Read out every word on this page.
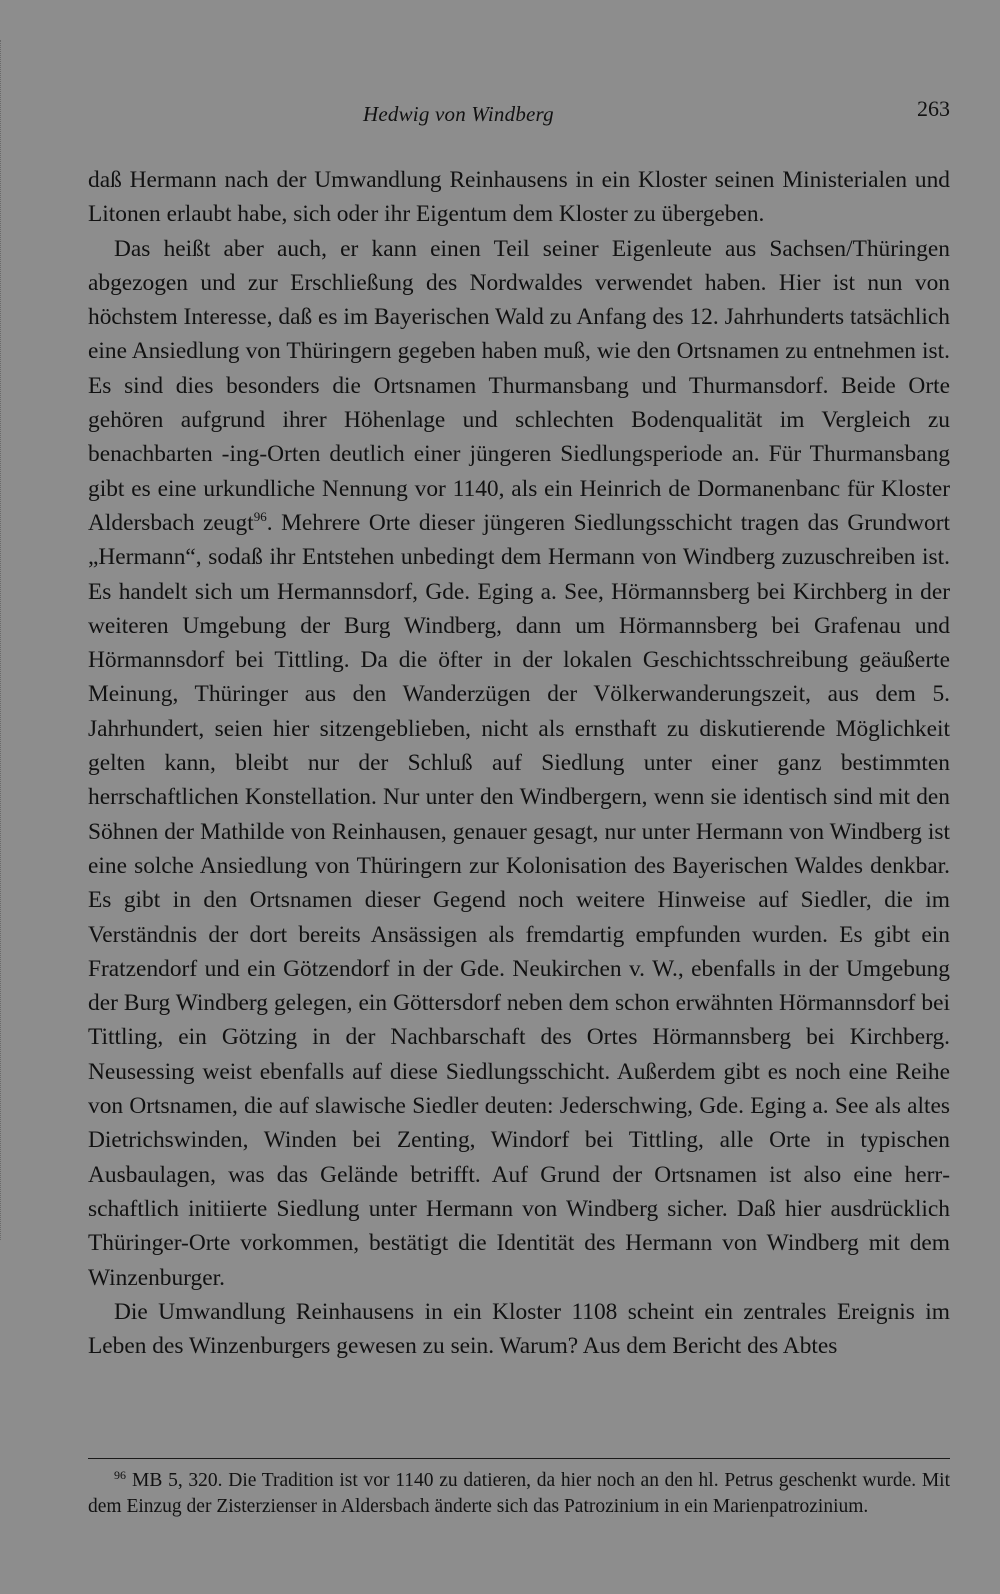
Hedwig von Windberg	263

daß Hermann nach der Umwandlung Reinhausens in ein Kloster seinen Ministerialen und Litonen erlaubt habe, sich oder ihr Eigentum dem Kloster zu übergeben.

Das heißt aber auch, er kann einen Teil seiner Eigenleute aus Sachsen/Thüringen abgezogen und zur Erschließung des Nordwaldes verwendet haben. Hier ist nun von höchstem Interesse, daß es im Bayerischen Wald zu Anfang des 12. Jahrhunderts tatsächlich eine Ansiedlung von Thüringern gegeben haben muß, wie den Ortsnamen zu entnehmen ist. Es sind dies besonders die Ortsnamen Thurmansbang und Thurmansdorf. Beide Orte gehören aufgrund ihrer Höhenlage und schlechten Bodenqualität im Vergleich zu benachbarten -ing-Orten deutlich einer jüngeren Siedlungsperiode an. Für Thurmansbang gibt es eine urkundliche Nennung vor 1140, als ein Heinrich de Dormanenbanc für Kloster Aldersbach zeugt$^{96}$. Mehrere Orte dieser jüngeren Siedlungsschicht tragen das Grundwort „Hermann“, sodaß ihr Entstehen unbedingt dem Hermann von Windberg zuzuschreiben ist. Es handelt sich um Hermannsdorf, Gde. Eging a. See, Hörmannsberg bei Kirchberg in der weiteren Umgebung der Burg Windberg, dann um Hörmannsberg bei Grafenau und Hörmannsdorf bei Tittling. Da die öfter in der lokalen Geschichtsschreibung geäußerte Meinung, Thüringer aus den Wanderzügen der Völkerwanderungszeit, aus dem 5. Jahrhundert, seien hier sitzengeblieben, nicht als ernsthaft zu diskutierende Möglichkeit gelten kann, bleibt nur der Schluß auf Siedlung unter einer ganz bestimmten herrschaftlichen Konstellation. Nur unter den Windbergern, wenn sie identisch sind mit den Söhnen der Mathilde von Reinhausen, genauer gesagt, nur unter Hermann von Windberg ist eine solche Ansiedlung von Thüringern zur Kolonisation des Bayerischen Waldes denkbar. Es gibt in den Ortsnamen dieser Gegend noch weitere Hinweise auf Siedler, die im Verständnis der dort bereits Ansässigen als fremdartig empfunden wurden. Es gibt ein Fratzendorf und ein Götzendorf in der Gde. Neukirchen v. W., ebenfalls in der Umgebung der Burg Windberg gelegen, ein Göttersdorf neben dem schon erwähnten Hörmannsdorf bei Tittling, ein Götzing in der Nachbarschaft des Ortes Hörmannsberg bei Kirchberg. Neusessing weist ebenfalls auf diese Siedlungsschicht. Außerdem gibt es noch eine Reihe von Ortsnamen, die auf slawische Siedler deuten: Jederschwing, Gde. Eging a. See als altes Dietrichswinden, Winden bei Zenting, Windorf bei Tittling, alle Orte in typischen Ausbaulagen, was das Gelände betrifft. Auf Grund der Ortsnamen ist also eine herrschaftlich initiierte Siedlung unter Hermann von Windberg sicher. Daß hier ausdrücklich Thüringer-Orte vorkommen, bestätigt die Identität des Hermann von Windberg mit dem Winzenburger.

Die Umwandlung Reinhausens in ein Kloster 1108 scheint ein zentrales Ereignis im Leben des Winzenburgers gewesen zu sein. Warum? Aus dem Bericht des Abtes

$^{96}$ MB 5, 320. Die Tradition ist vor 1140 zu datieren, da hier noch an den hl. Petrus geschenkt wurde. Mit dem Einzug der Zisterzienser in Aldersbach änderte sich das Patrozinium in ein Marienpatrozinium.
